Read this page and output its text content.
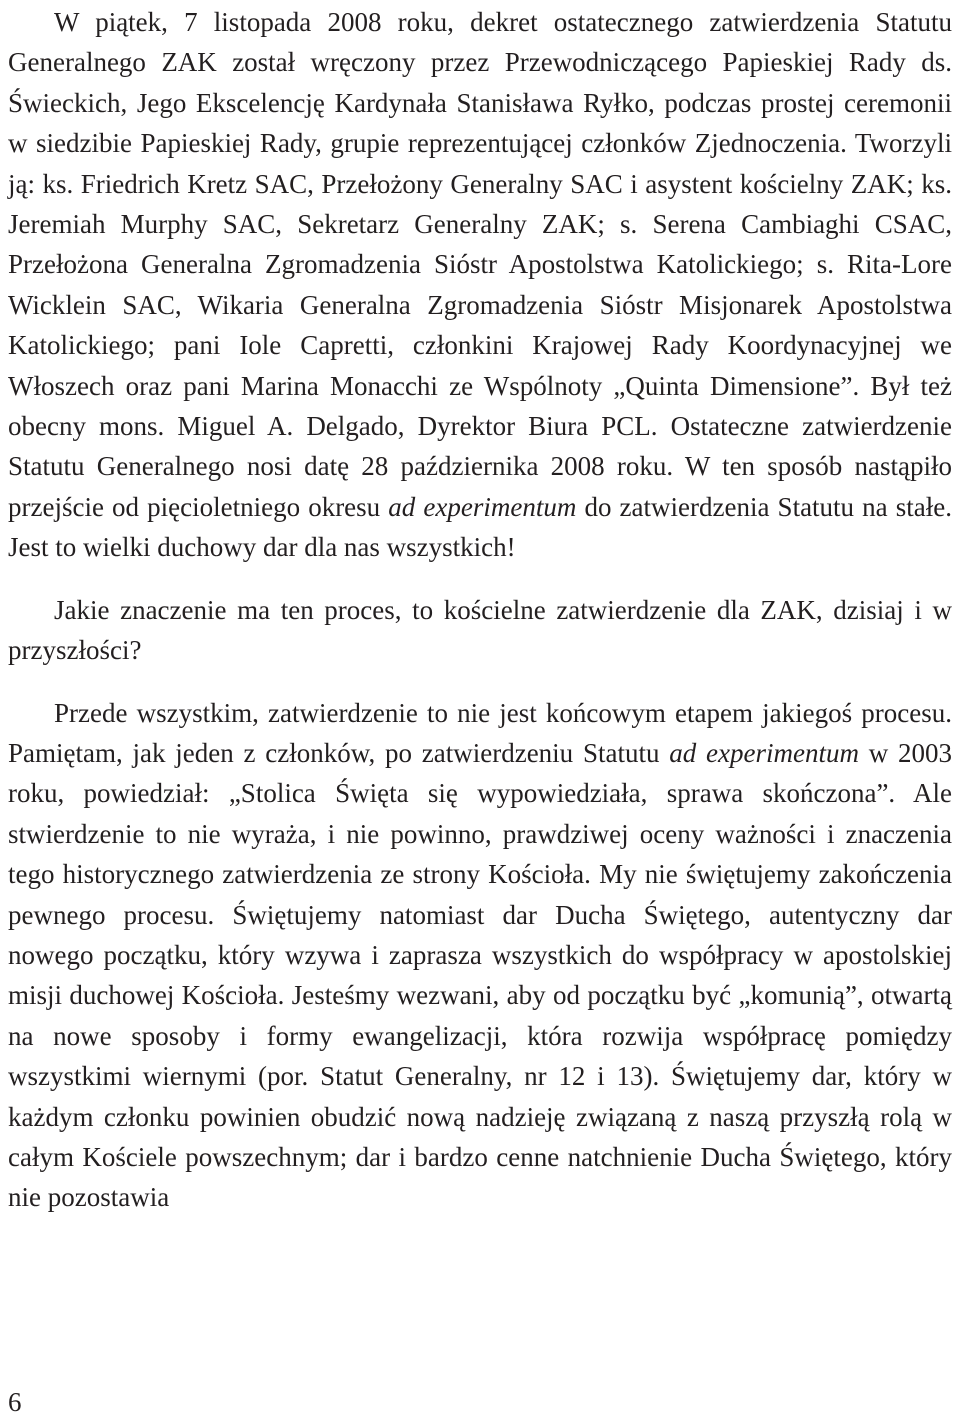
W piątek, 7 listopada 2008 roku, dekret ostatecznego zatwierdzenia Statutu Generalnego ZAK został wręczony przez Przewodniczącego Papieskiej Rady ds. Świeckich, Jego Ekscelencję Kardynała Stanisława Ryłko, podczas prostej ceremonii w siedzibie Papieskiej Rady, grupie reprezentującej członków Zjednoczenia. Tworzyli ją: ks. Friedrich Kretz SAC, Przełożony Generalny SAC i asystent kościelny ZAK; ks. Jeremiah Murphy SAC, Sekretarz Generalny ZAK; s. Serena Cambiaghi CSAC, Przełożona Generalna Zgromadzenia Sióstr Apostolstwa Katolickiego; s. Rita-Lore Wicklein SAC, Wikaria Generalna Zgromadzenia Sióstr Misjonarek Apostolstwa Katolickiego; pani Iole Capretti, członkini Krajowej Rady Koordynacyjnej we Włoszech oraz pani Marina Monacchi ze Wspólnoty „Quinta Dimensione”. Był też obecny mons. Miguel A. Delgado, Dyrektor Biura PCL. Ostateczne zatwierdzenie Statutu Generalnego nosi datę 28 października 2008 roku. W ten sposób nastąpiło przejście od pięcioletniego okresu ad experimentum do zatwierdzenia Statutu na stałe. Jest to wielki duchowy dar dla nas wszystkich!

Jakie znaczenie ma ten proces, to kościelne zatwierdzenie dla ZAK, dzisiaj i w przyszłości?

Przede wszystkim, zatwierdzenie to nie jest końcowym etapem jakiegoś procesu. Pamiętam, jak jeden z członków, po zatwierdzeniu Statutu ad experimentum w 2003 roku, powiedział: „Stolica Święta się wypowiedziała, sprawa skończona”. Ale stwierdzenie to nie wyraża, i nie powinno, prawdziwej oceny ważności i znaczenia tego historycznego zatwierdzenia ze strony Kościoła. My nie świętujemy zakończenia pewnego procesu. Świętujemy natomiast dar Ducha Świętego, autentyczny dar nowego początku, który wzywa i zaprasza wszystkich do współpracy w apostolskiej misji duchowej Kościoła. Jesteśmy wezwani, aby od początku być „komunią”, otwartą na nowe sposoby i formy ewangelizacji, która rozwija współpracę pomiędzy wszystkimi wiernymi (por. Statut Generalny, nr 12 i 13). Świętujemy dar, który w każdym członku powinien obudzić nową nadzieję związaną z naszą przyszłą rolą w całym Kościele powszechnym; dar i bardzo cenne natchnienie Ducha Świętego, który nie pozostawia

6
